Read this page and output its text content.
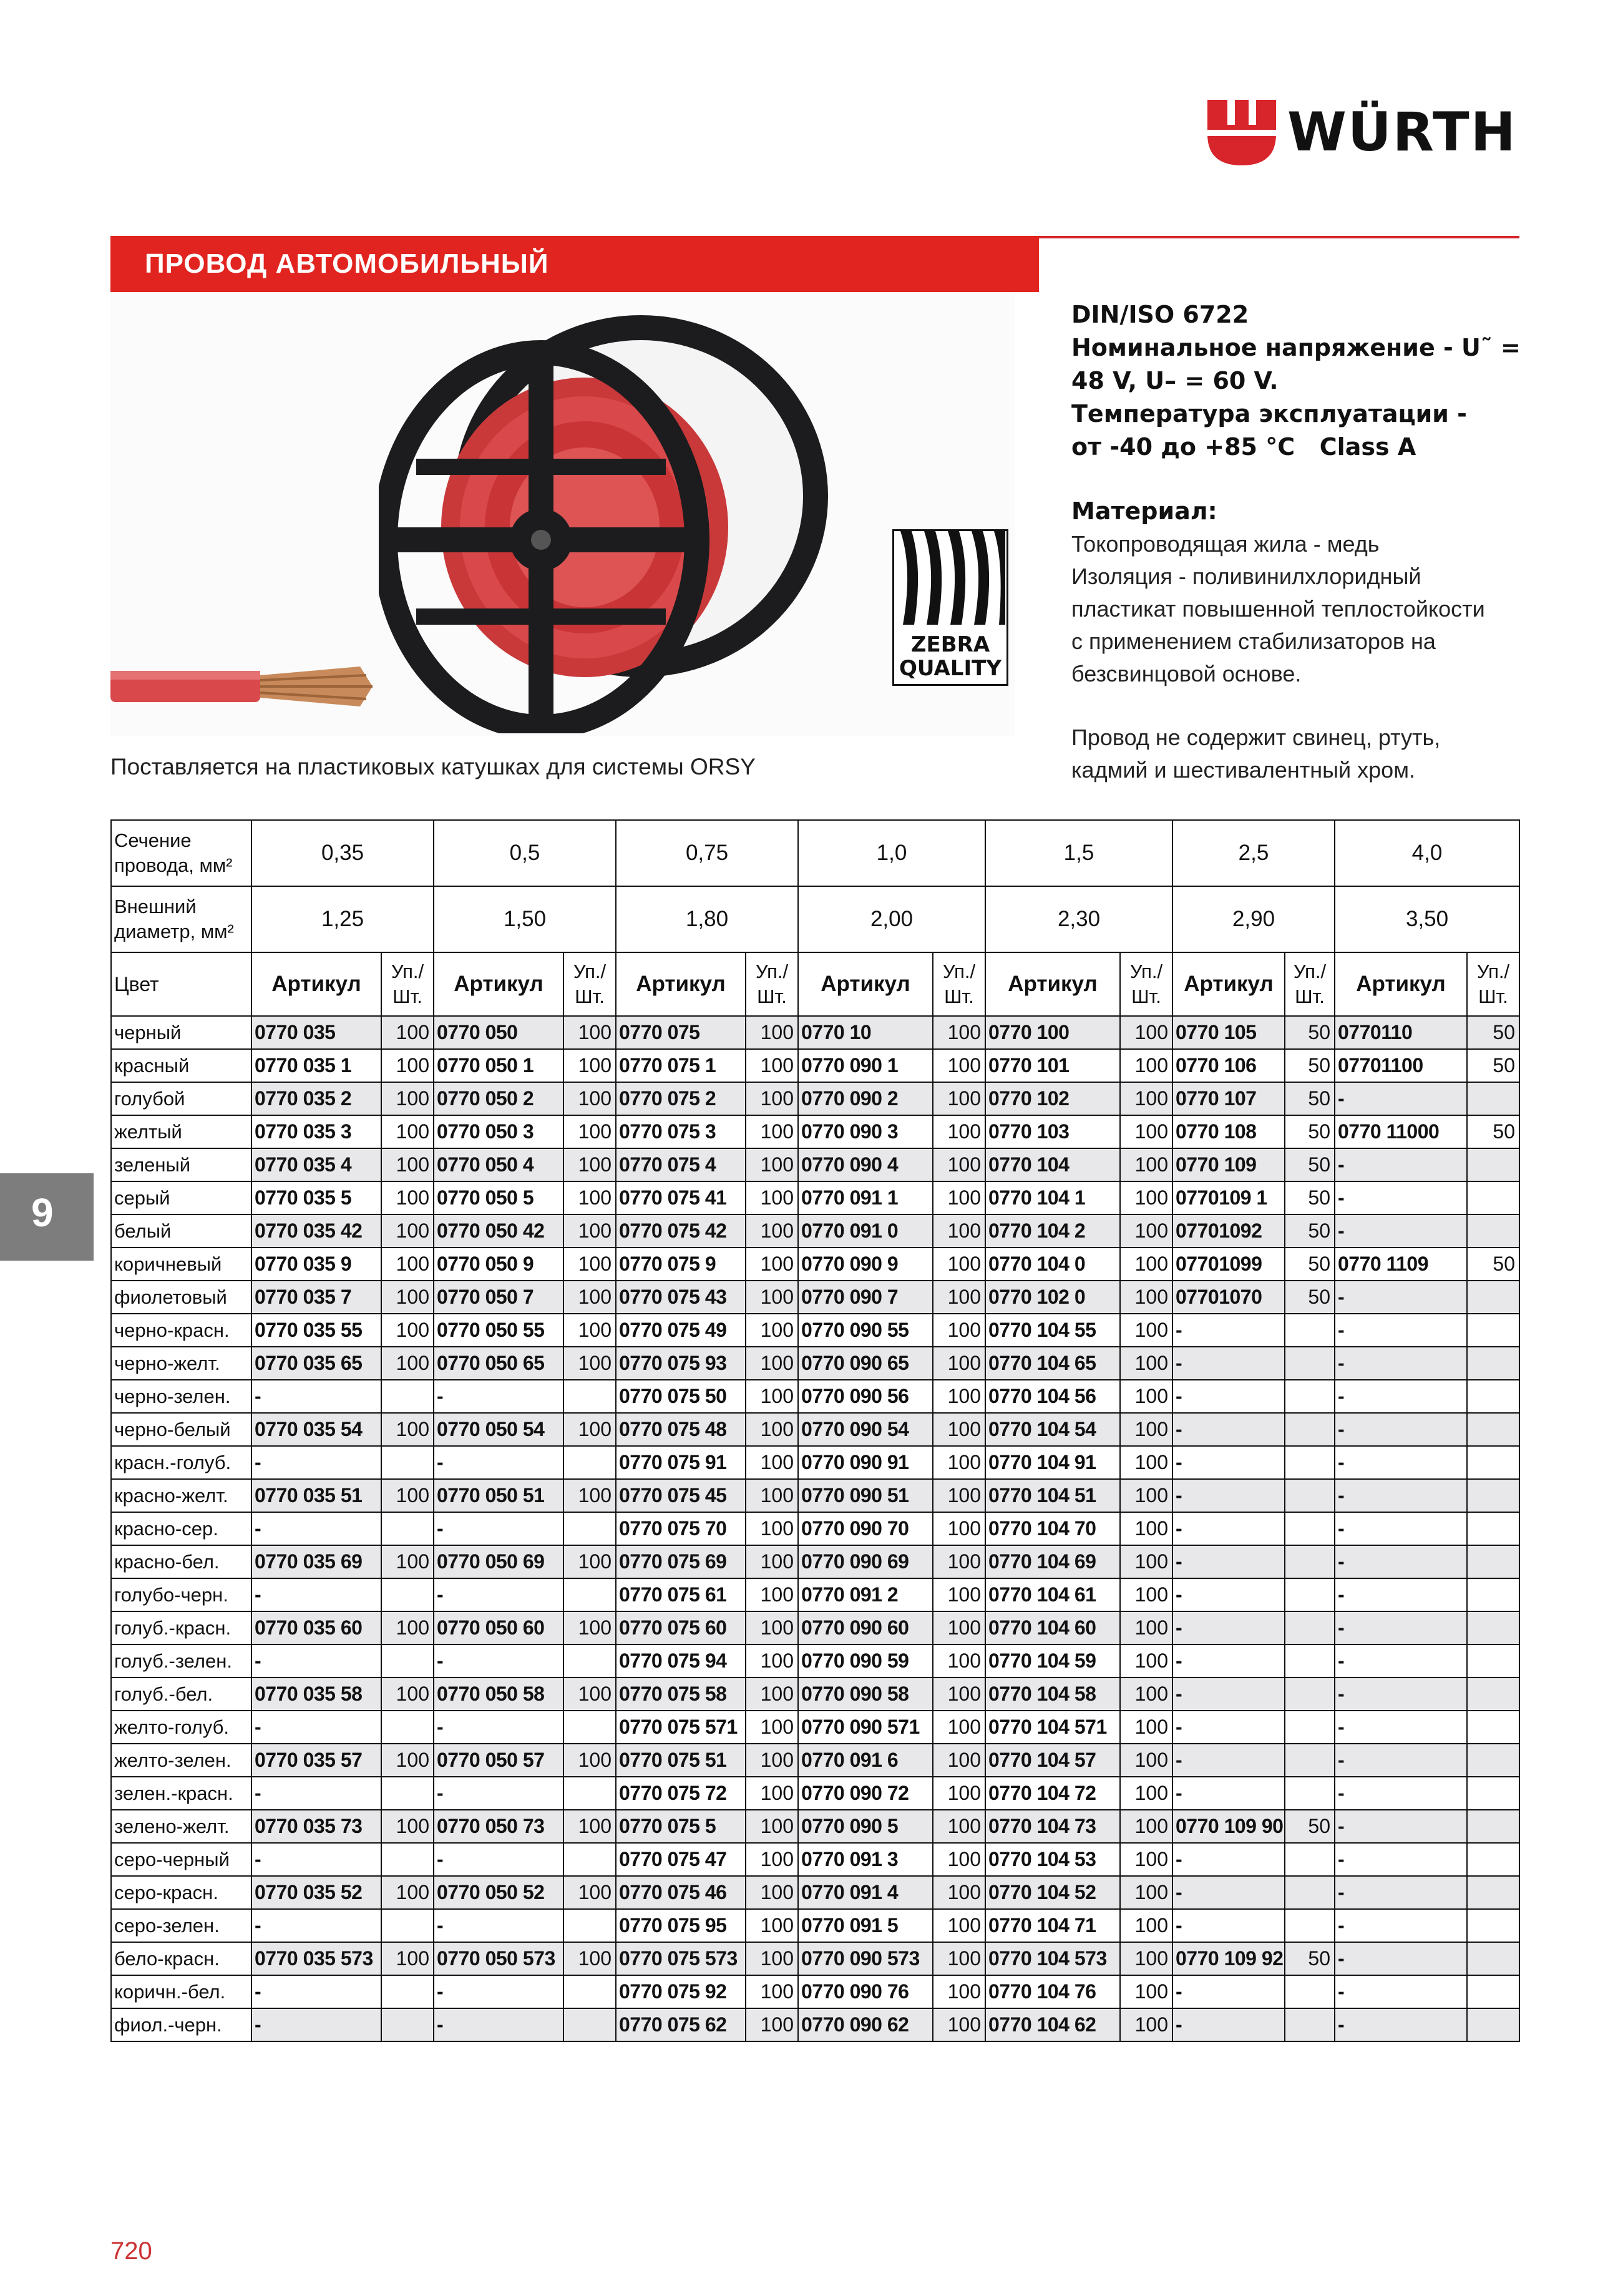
WÜRTH
ПРОВОД АВТОМОБИЛЬНЫЙ
ZEBRA
QUALITY
Поставляется на пластиковых катушках для системы ORSY

DIN/ISO 6722

Номинальное напряжение - U˜ =

48 V, U– = 60 V.

Температура эксплуатации -

от -40 до +85 °C   Class A

Материал:

Токопроводящая жила - медь

Изоляция - поливинилхлоридный

пластикат повышенной теплостойкости

с применением стабилизаторов на

безсвинцовой основе.

Провод не содержит свинец, ртуть,

кадмий и шестивалентный хром.

9
Сечение провода, мм²	0,35		0,5		0,75		1,0		1,5		2,5		4,0	
Внешний диаметр, мм²	1,25		1,50		1,80		2,00		2,30		2,90		3,50	
Цвет	Артикул	Уп./ Шт.	Артикул	Уп./ Шт.	Артикул	Уп./ Шт.	Артикул	Уп./ Шт.	Артикул	Уп./ Шт.	Артикул	Уп./ Шт.	Артикул	Уп./ Шт.
черный	0770 035	100	0770 050	100	0770 075	100	0770 10	100	0770 100	100	0770 105	50	0770110	50
красный	0770 035 1	100	0770 050 1	100	0770 075 1	100	0770 090 1	100	0770 101	100	0770 106	50	07701100	50
голубой	0770 035 2	100	0770 050 2	100	0770 075 2	100	0770 090 2	100	0770 102	100	0770 107	50	-	
желтый	0770 035 3	100	0770 050 3	100	0770 075 3	100	0770 090 3	100	0770 103	100	0770 108	50	0770 11000	50
зеленый	0770 035 4	100	0770 050 4	100	0770 075 4	100	0770 090 4	100	0770 104	100	0770 109	50	-	
серый	0770 035 5	100	0770 050 5	100	0770 075 41	100	0770 091 1	100	0770 104 1	100	0770109 1	50	-	
белый	0770 035 42	100	0770 050 42	100	0770 075 42	100	0770 091 0	100	0770 104 2	100	07701092	50	-	
коричневый	0770 035 9	100	0770 050 9	100	0770 075 9	100	0770 090 9	100	0770 104 0	100	07701099	50	0770 1109	50
фиолетовый	0770 035 7	100	0770 050 7	100	0770 075 43	100	0770 090 7	100	0770 102 0	100	07701070	50	-	
черно-красн.	0770 035 55	100	0770 050 55	100	0770 075 49	100	0770 090 55	100	0770 104 55	100	-		-	
черно-желт.	0770 035 65	100	0770 050 65	100	0770 075 93	100	0770 090 65	100	0770 104 65	100	-		-	
черно-зелен.	-		-		0770 075 50	100	0770 090 56	100	0770 104 56	100	-		-	
черно-белый	0770 035 54	100	0770 050 54	100	0770 075 48	100	0770 090 54	100	0770 104 54	100	-		-	
красн.-голуб.	-		-		0770 075 91	100	0770 090 91	100	0770 104 91	100	-		-	
красно-желт.	0770 035 51	100	0770 050 51	100	0770 075 45	100	0770 090 51	100	0770 104 51	100	-		-	
красно-сер.	-		-		0770 075 70	100	0770 090 70	100	0770 104 70	100	-		-	
красно-бел.	0770 035 69	100	0770 050 69	100	0770 075 69	100	0770 090 69	100	0770 104 69	100	-		-	
голубо-черн.	-		-		0770 075 61	100	0770 091 2	100	0770 104 61	100	-		-	
голуб.-красн.	0770 035 60	100	0770 050 60	100	0770 075 60	100	0770 090 60	100	0770 104 60	100	-		-	
голуб.-зелен.	-		-		0770 075 94	100	0770 090 59	100	0770 104 59	100	-		-	
голуб.-бел.	0770 035 58	100	0770 050 58	100	0770 075 58	100	0770 090 58	100	0770 104 58	100	-		-	
желто-голуб.	-		-		0770 075 571	100	0770 090 571	100	0770 104 571	100	-		-	
желто-зелен.	0770 035 57	100	0770 050 57	100	0770 075 51	100	0770 091 6	100	0770 104 57	100	-		-	
зелен.-красн.	-		-		0770 075 72	100	0770 090 72	100	0770 104 72	100	-		-	
зелено-желт.	0770 035 73	100	0770 050 73	100	0770 075 5	100	0770 090 5	100	0770 104 73	100	0770 109 90	50	-	
серо-черный	-		-		0770 075 47	100	0770 091 3	100	0770 104 53	100	-		-	
серо-красн.	0770 035 52	100	0770 050 52	100	0770 075 46	100	0770 091 4	100	0770 104 52	100	-		-	
серо-зелен.	-		-		0770 075 95	100	0770 091 5	100	0770 104 71	100	-		-	
бело-красн.	0770 035 573	100	0770 050 573	100	0770 075 573	100	0770 090 573	100	0770 104 573	100	0770 109 92	50	-	
коричн.-бел.	-		-		0770 075 92	100	0770 090 76	100	0770 104 76	100	-		-	
фиол.-черн.	-		-		0770 075 62	100	0770 090 62	100	0770 104 62	100	-		-	
720
